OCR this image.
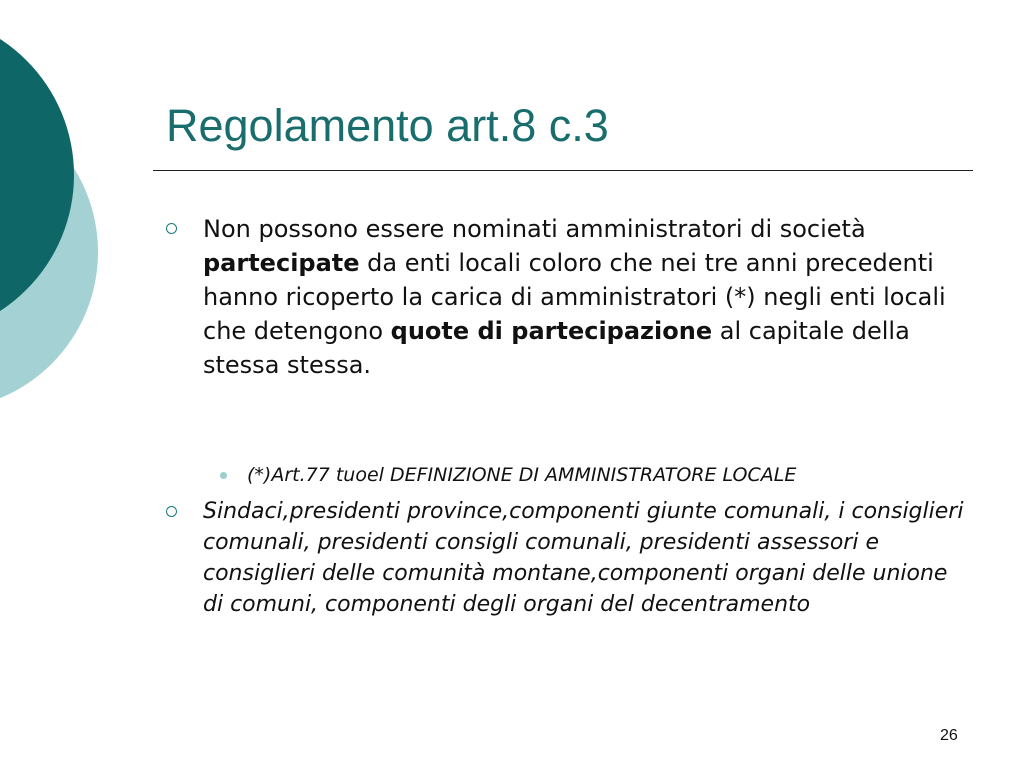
Regolamento art.8 c.3
Non possono essere nominati amministratori di società partecipate da enti locali coloro che nei tre anni precedenti hanno ricoperto la carica di amministratori (*) negli enti locali che detengono quote di partecipazione al capitale della stessa stessa.
(*)Art.77 tuoel DEFINIZIONE DI AMMINISTRATORE LOCALE
Sindaci,presidenti province,componenti giunte comunali, i consiglieri comunali, presidenti consigli comunali, presidenti assessori e consiglieri delle comunità montane,componenti organi delle unione di comuni, componenti degli organi del decentramento
26
